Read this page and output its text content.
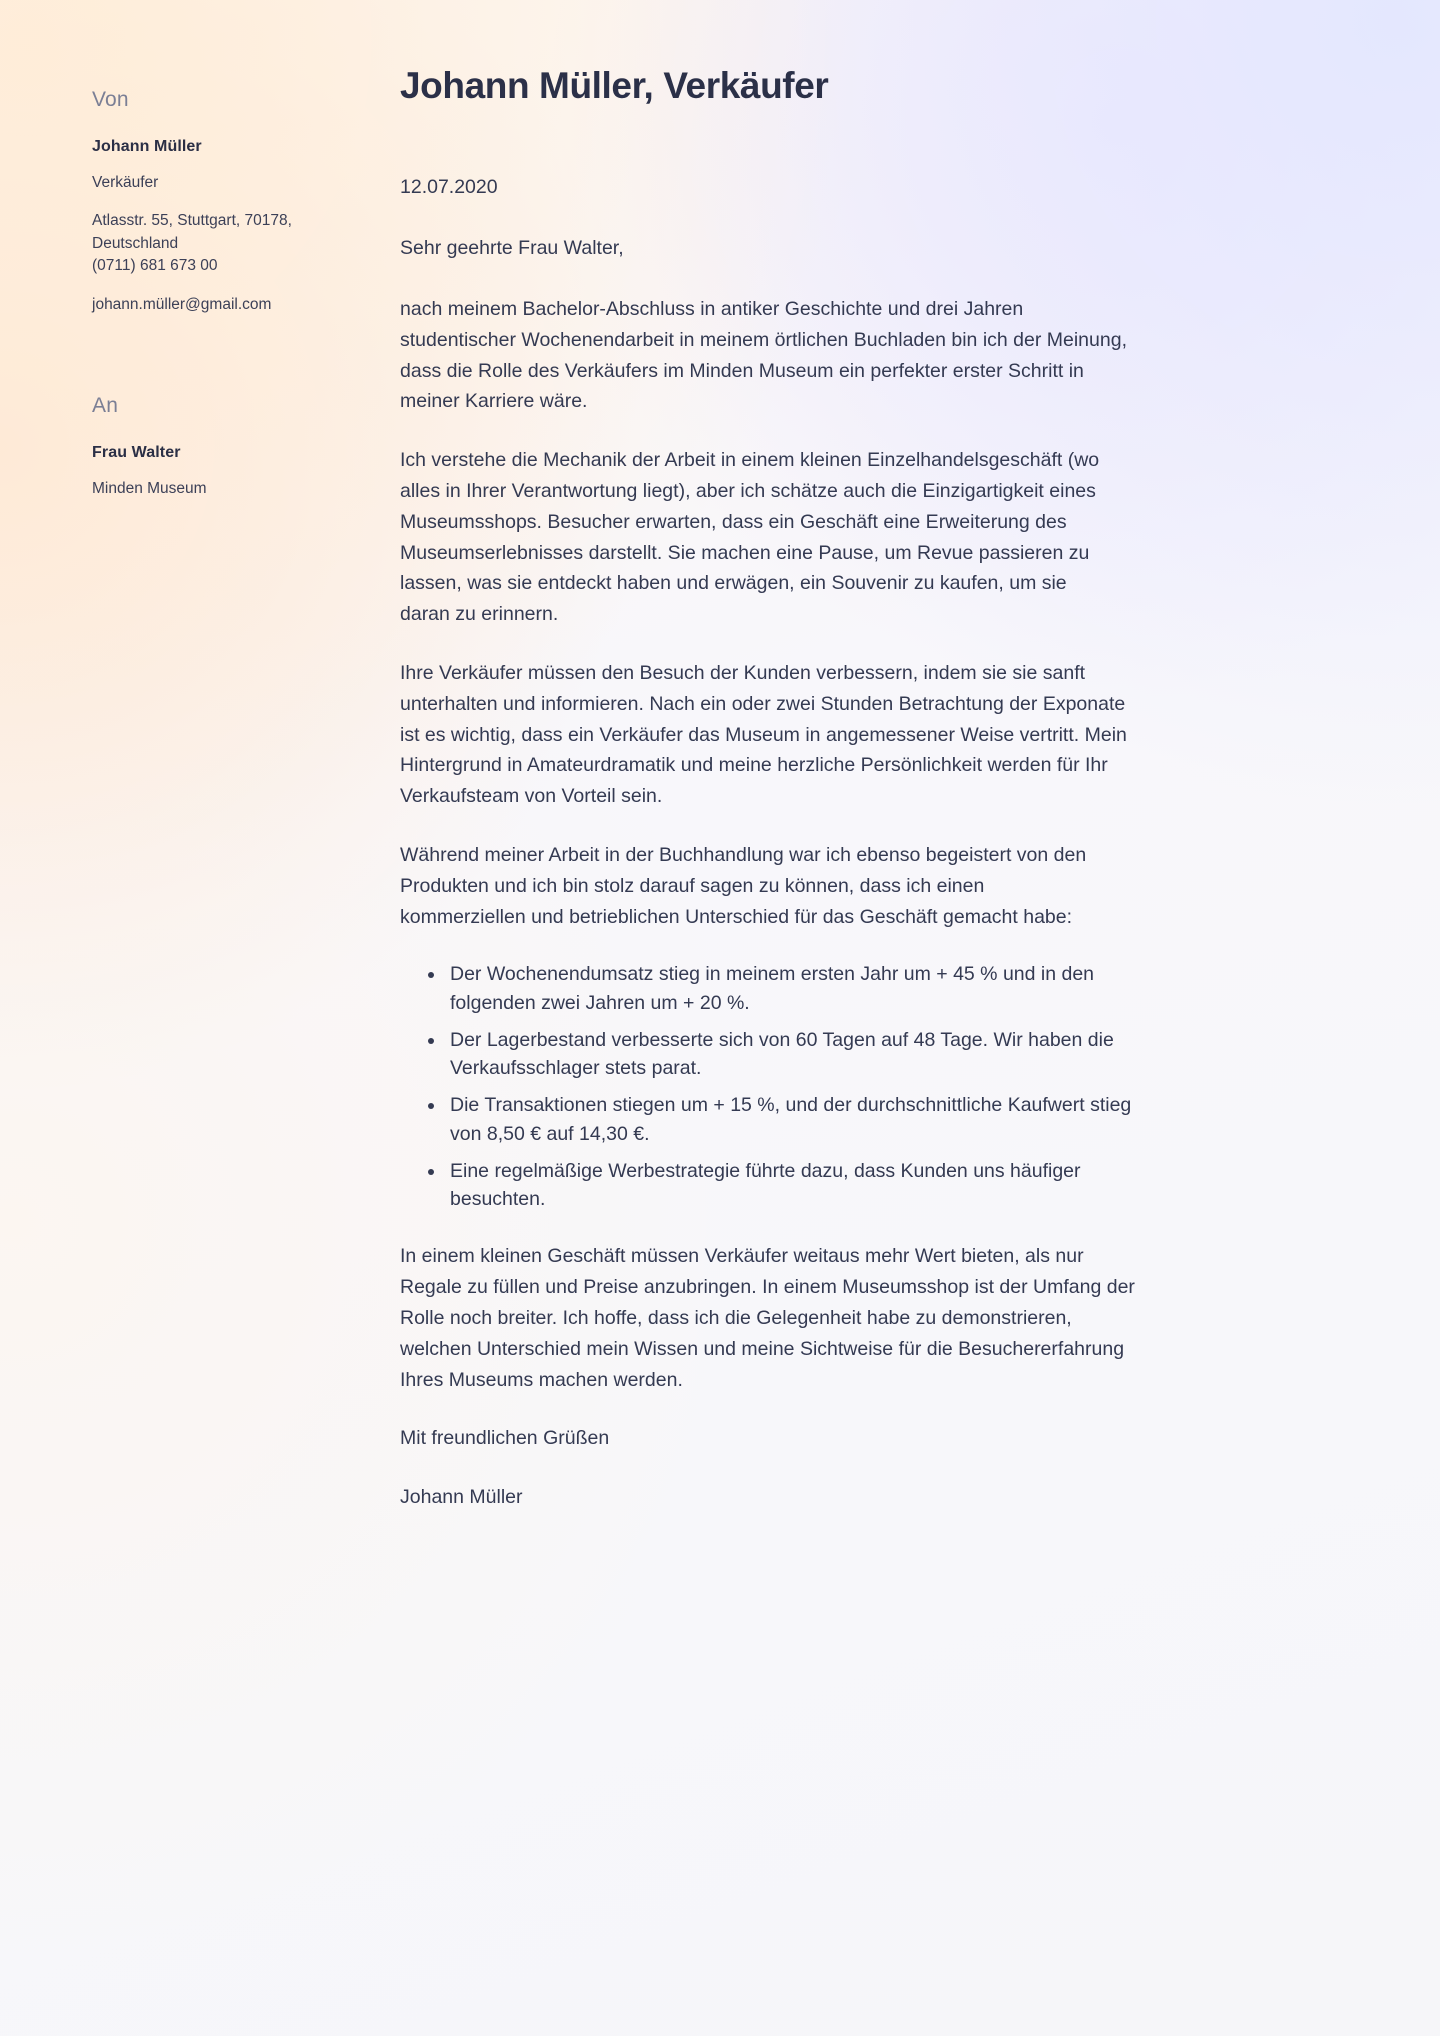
Von
Johann Müller
Verkäufer
Atlasstr. 55, Stuttgart, 70178,
Deutschland
(0711) 681 673 00
johann.müller@gmail.com
An
Frau Walter
Minden Museum
Johann Müller, Verkäufer

12.07.2020

Sehr geehrte Frau Walter,

nach meinem Bachelor-Abschluss in antiker Geschichte und drei Jahren studentischer Wochenendarbeit in meinem örtlichen Buchladen bin ich der Meinung, dass die Rolle des Verkäufers im Minden Museum ein perfekter erster Schritt in meiner Karriere wäre.

Ich verstehe die Mechanik der Arbeit in einem kleinen Einzelhandelsgeschäft (wo alles in Ihrer Verantwortung liegt), aber ich schätze auch die Einzigartigkeit eines Museumsshops. Besucher erwarten, dass ein Geschäft eine Erweiterung des Museumserlebnisses darstellt. Sie machen eine Pause, um Revue passieren zu lassen, was sie entdeckt haben und erwägen, ein Souvenir zu kaufen, um sie daran zu erinnern.

Ihre Verkäufer müssen den Besuch der Kunden verbessern, indem sie sie sanft unterhalten und informieren. Nach ein oder zwei Stunden Betrachtung der Exponate ist es wichtig, dass ein Verkäufer das Museum in angemessener Weise vertritt. Mein Hintergrund in Amateurdramatik und meine herzliche Persönlichkeit werden für Ihr Verkaufsteam von Vorteil sein.

Während meiner Arbeit in der Buchhandlung war ich ebenso begeistert von den Produkten und ich bin stolz darauf sagen zu können, dass ich einen kommerziellen und betrieblichen Unterschied für das Geschäft gemacht habe:

Der Wochenendumsatz stieg in meinem ersten Jahr um + 45 % und in den folgenden zwei Jahren um + 20 %.
Der Lagerbestand verbesserte sich von 60 Tagen auf 48 Tage. Wir haben die Verkaufsschlager stets parat.
Die Transaktionen stiegen um + 15 %, und der durchschnittliche Kaufwert stieg von 8,50 € auf 14,30 €.
Eine regelmäßige Werbestrategie führte dazu, dass Kunden uns häufiger besuchten.

In einem kleinen Geschäft müssen Verkäufer weitaus mehr Wert bieten, als nur Regale zu füllen und Preise anzubringen. In einem Museumsshop ist der Umfang der Rolle noch breiter. Ich hoffe, dass ich die Gelegenheit habe zu demonstrieren, welchen Unterschied mein Wissen und meine Sichtweise für die Besuchererfahrung Ihres Museums machen werden.

Mit freundlichen Grüßen

Johann Müller
